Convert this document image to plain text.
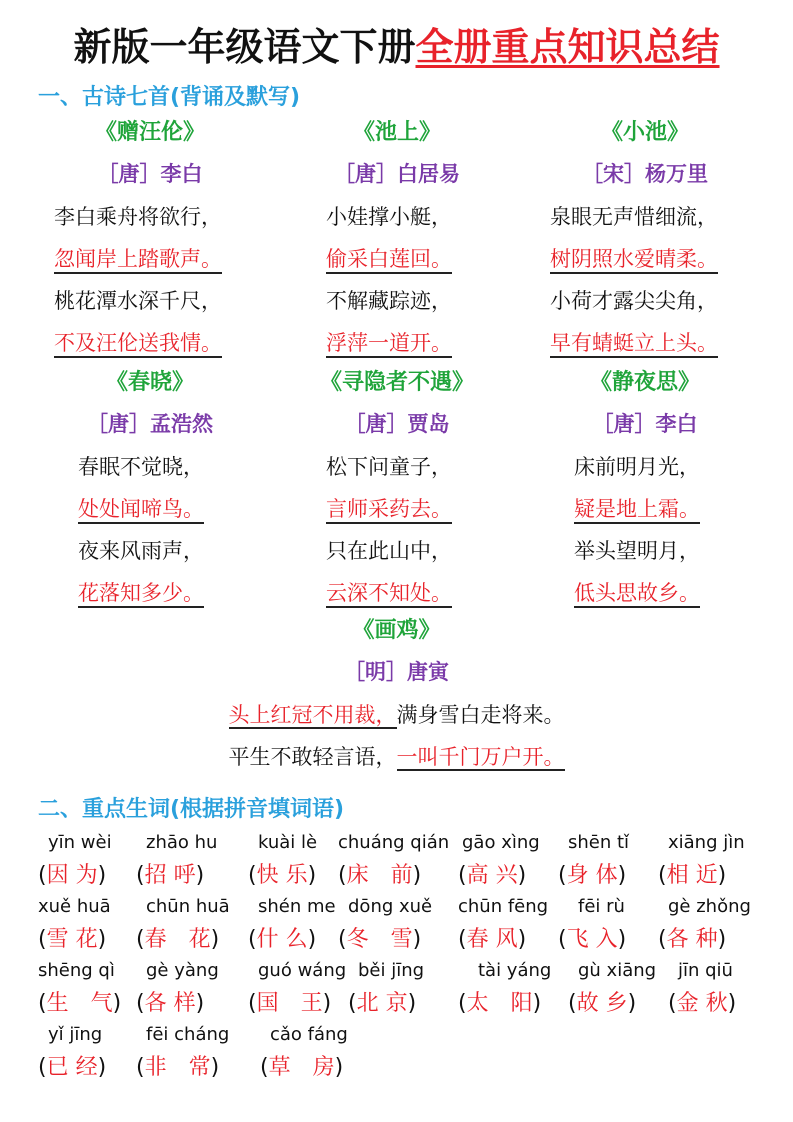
新版一年级语文下册全册重点知识总结
一、古诗七首(背诵及默写)
《赠汪伦》
［唐］李白
李白乘舟将欲行，
忽闻岸上踏歌声。
桃花潭水深千尺，
不及汪伦送我情。
《池上》
［唐］白居易
小娃撑小艇，
偷采白莲回。
不解藏踪迹，
浮萍一道开。
《小池》
［宋］杨万里
泉眼无声惜细流，
树阴照水爱晴柔。
小荷才露尖尖角，
早有蜻蜓立上头。
《春晓》
［唐］孟浩然
春眠不觉晓，
处处闻啼鸟。
夜来风雨声，
花落知多少。
《寻隐者不遇》
［唐］贾岛
松下问童子，
言师采药去。
只在此山中，
云深不知处。
《静夜思》
［唐］李白
床前明月光，
疑是地上霜。
举头望明月，
低头思故乡。
《画鸡》
［明］唐寅
头上红冠不用裁，满身雪白走将来。
平生不敢轻言语，一叫千门万户开。
二、重点生词(根据拼音填词语)
yīn wèi
(因 为)
zhāo hu
(招 呼)
kuài lè
(快 乐)
chuáng qián
(床　前)
gāo xìng
(高 兴)
shēn tǐ
(身 体)
xiāng jìn
(相 近)
xuě huā
(雪 花)
chūn huā
(春　花)
shén me
(什 么)
dōng xuě
(冬　雪)
chūn fēng
(春 风)
fēi rù
(飞 入)
gè zhǒng
(各 种)
shēng qì
(生　气)
gè yàng
(各 样)
guó wáng
(国　王)
běi jīng
(北 京)
tài yáng
(太　阳)
gù xiāng
(故 乡)
jīn qiū
(金 秋)
yǐ jīng
(已 经)
fēi cháng
(非　常)
cǎo fáng
(草　房)
